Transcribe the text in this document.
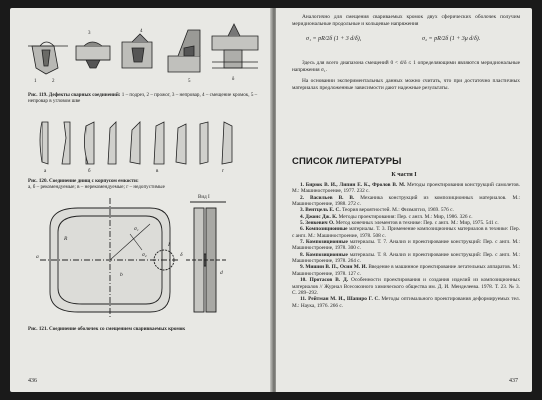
1	2
3	4
5	δ
Рис. 119. Дефекты сварных соединений: 1 – подрез, 2 – прожог, 3 – непровар, 4 – смещение кромок, 5 – непровар в угловом шве
а	б	в	г
Рис. 120. Соединение днищ с корпусом емкости:
а, б – рекомендуемые; в – нерекомендуемые; г – недопустимые
R
σ₁
σ₂
I
δ
d
a
b
Вид I
Рис. 121. Соединение оболочек со смещением сваривваемых кромок
436
Аналогично для смещения сваривaемых кромок двух сферических оболочек получим меридиональные продольные и кольцевые напряжения
σ₁ = pR/2δ (1 + 3 d/δ),	σ₂ = pR/2δ (1 + 3μ d/δ).
Здесь для всего диапазона смещений 0 < d/δ ≤ 1 определяющими являются меридиональные напряжения σ₁.
На основании экспериментальных данных можно считать, что при достаточно пластичных материалах предложенные зависимости дают надежные результаты.
СПИСОК ЛИТЕРАТУРЫ
К части I
1. Бирюк В. И., Липин Е. К., Фролов В. М. Методы проектирования конструкций самолетов. М.: Машиностроение, 1977. 232 с.
2. Васильев В. В. Механика конструкций из композиционных материалов. М.: Машиностроение, 1988. 272 с.
3. Вентцель Е. С. Теория вероятностей. М.: Физматгиз, 1969. 576 с.
4. Джонс Дж. К. Методы проектирования: Пер. с англ. М.: Мир, 1986. 326 с.
5. Зенкевич О. Метод конечных элементов в технике: Пер. с англ. М.: Мир, 1975. 541 с.
6. Композиционные материалы. Т. 3. Применение композиционных материалов в технике: Пер. с англ. М.: Машиностроение, 1978. 508 с.
7. Композиционные материалы. Т. 7. Анализ и проектирование конструкций: Пер. с англ. М.: Машиностроение, 1978. 300 с.
8. Композиционные материалы. Т. 8. Анализ и проектирование конструкций: Пер. с англ. М.: Машиностроение, 1978. 264 с.
9. Мишин В. П., Осин М. И. Введение в машинное проектирование летательных аппаратов. М.: Машиностроение, 1978. 127 с.
10. Протасов В. Д. Особенности проектирования и создания изделий из композиционных материалов // Журнал Всесоюзного химического общества им. Д. И. Менделеева. 1978. Т. 23. № 3. С. 289–292.
11. Рейтман М. И., Шапиро Г. С. Методы оптимального проектирования деформируемых тел. М.: Наука, 1976. 266 с.
437
